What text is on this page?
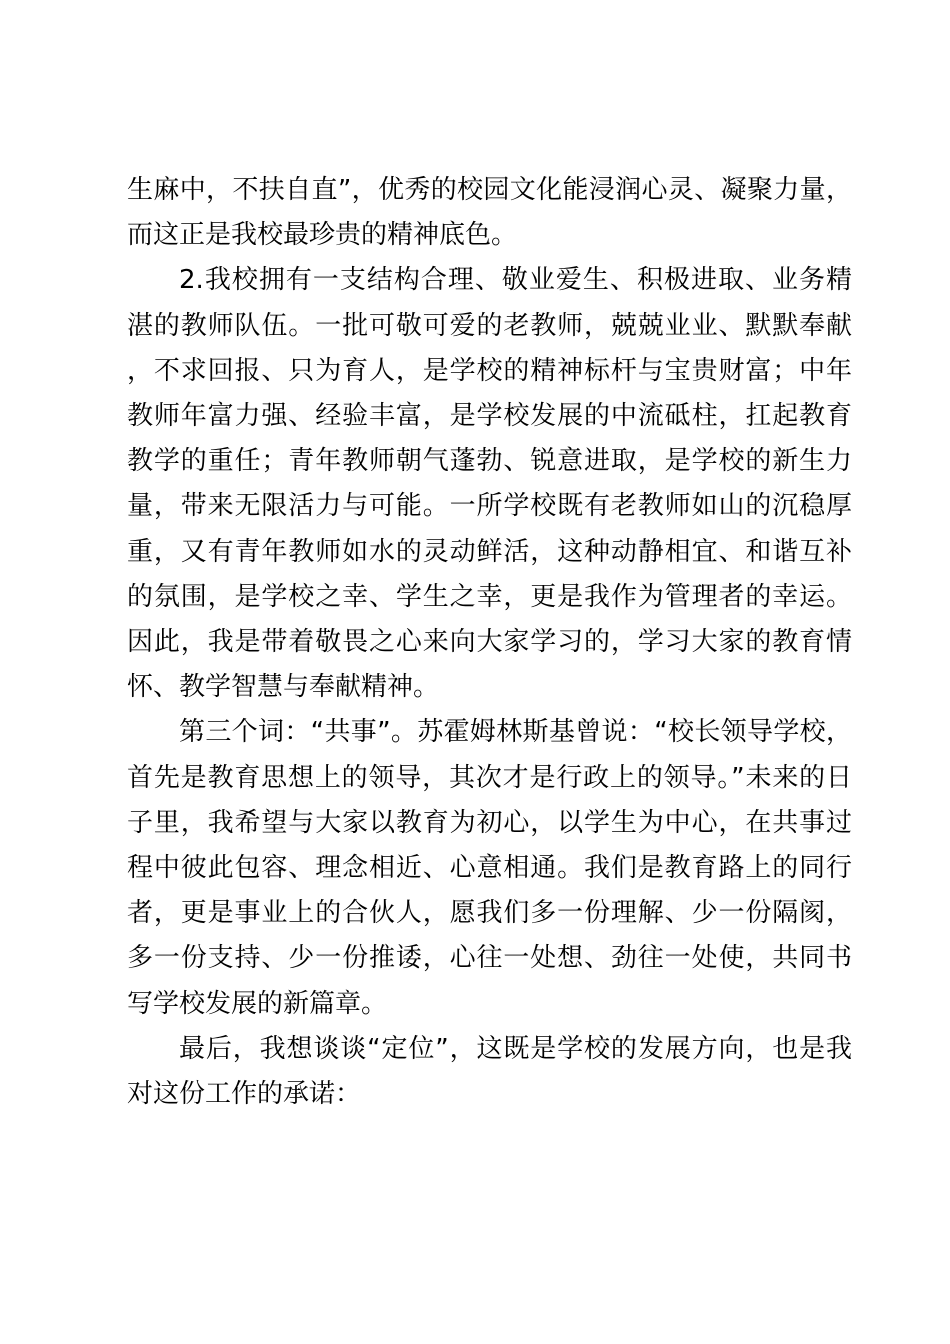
生麻中，不扶自直”，优秀的校园文化能浸润心灵、凝聚力量，而这正是我校最珍贵的精神底色。

2.我校拥有一支结构合理、敬业爱生、积极进取、业务精湛的教师队伍。一批可敬可爱的老教师，兢兢业业、默默奉献，不求回报、只为育人，是学校的精神标杆与宝贵财富；中年教师年富力强、经验丰富，是学校发展的中流砥柱，扛起教育教学的重任；青年教师朝气蓬勃、锐意进取，是学校的新生力量，带来无限活力与可能。一所学校既有老教师如山的沉稳厚重，又有青年教师如水的灵动鲜活，这种动静相宜、和谐互补的氛围，是学校之幸、学生之幸，更是我作为管理者的幸运。因此，我是带着敬畏之心来向大家学习的，学习大家的教育情怀、教学智慧与奉献精神。

第三个词：“共事”。苏霍姆林斯基曾说：“校长领导学校，首先是教育思想上的领导，其次才是行政上的领导。”未来的日子里，我希望与大家以教育为初心，以学生为中心，在共事过程中彼此包容、理念相近、心意相通。我们是教育路上的同行者，更是事业上的合伙人，愿我们多一份理解、少一份隔阂，多一份支持、少一份推诿，心往一处想、劲往一处使，共同书写学校发展的新篇章。

最后，我想谈谈“定位”，这既是学校的发展方向，也是我对这份工作的承诺：
